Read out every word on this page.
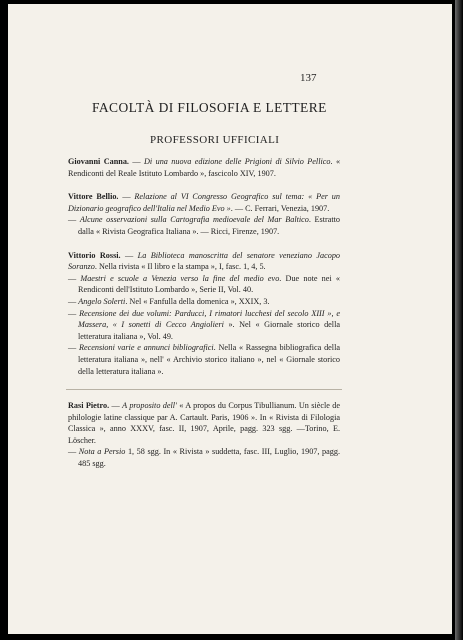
137
FACOLTÀ DI FILOSOFIA E LETTERE
PROFESSORI UFFICIALI

Giovanni Canna. — Di una nuova edizione delle Prigioni di Silvio Pellico. « Rendiconti del Reale Istituto Lombardo », fascicolo XIV, 1907.

Vittore Bellio. — Relazione al VI Congresso Geografico sul tema: « Per un Dizionario geografico dell'Italia nel Medio Evo ». — C. Ferrari, Venezia, 1907.

— Alcune osservazioni sulla Cartografia medioevale del Mar Baltico. Estratto dalla « Rivista Geografica Italiana ». — Ricci, Firenze, 1907.

Vittorio Rossi. — La Biblioteca manoscritta del senatore veneziano Jacopo Soranzo. Nella rivista « Il libro e la stampa », I, fasc. 1, 4, 5.

— Maestri e scuole a Venezia verso la fine del medio evo. Due note nei « Rendiconti dell'Istituto Lombardo », Serie II, Vol. 40.

— Angelo Solerti. Nel « Fanfulla della domenica », XXIX, 3.

— Recensione dei due volumi: Parducci, I rimatori lucchesi del secolo XIII », e Massera, « I sonetti di Cecco Angiolieri ». Nel « Giornale storico della letteratura italiana », Vol. 49.

— Recensioni varie e annunci bibliografici. Nella « Rassegna bibliografica della letteratura italiana », nell' « Archivio storico italiano », nel « Giornale storico della letteratura italiana ».

Rasi Pietro. — A proposito dell' « A propos du Corpus Tibullianum. Un siècle de philologie latine classique par A. Cartault. Paris, 1906 ». In « Rivista di Filologia Classica », anno XXXV, fasc. II, 1907, Aprile, pagg. 323 sgg. —Torino, E. Löscher.

— Nota a Persio 1, 58 sgg. In « Rivista » suddetta, fasc. III, Luglio, 1907, pagg. 485 sgg.
